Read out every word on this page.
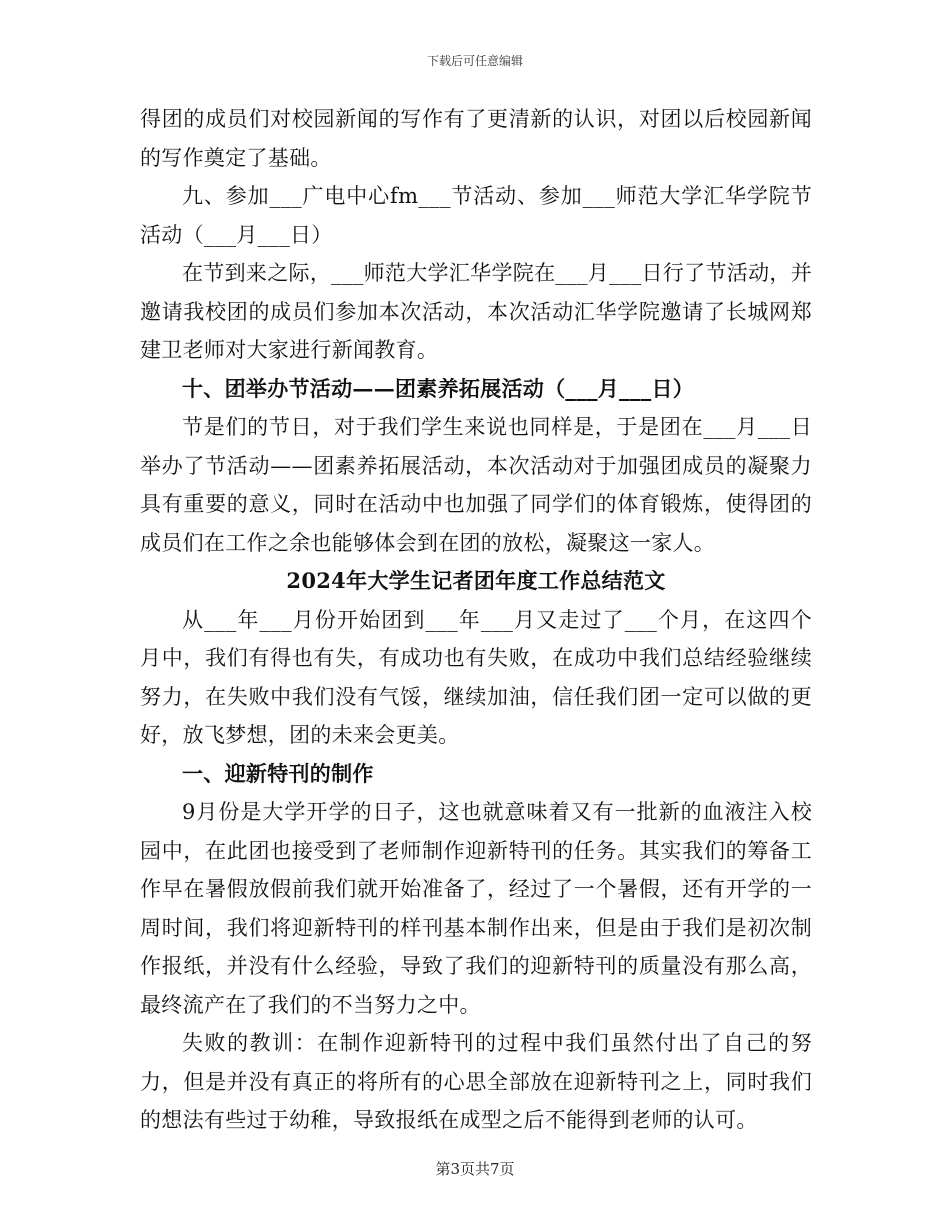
下载后可任意编辑

得团的成员们对校园新闻的写作有了更清新的认识，对团以后校园新闻的写作奠定了基础。

九、参加___广电中心fm___节活动、参加___师范大学汇华学院节活动（___月___日）

在节到来之际，___师范大学汇华学院在___月___日行了节活动，并邀请我校团的成员们参加本次活动，本次活动汇华学院邀请了长城网郑建卫老师对大家进行新闻教育。

十、团举办节活动——团素养拓展活动（___月___日）

节是们的节日，对于我们学生来说也同样是，于是团在___月___日举办了节活动——团素养拓展活动，本次活动对于加强团成员的凝聚力具有重要的意义，同时在活动中也加强了同学们的体育锻炼，使得团的成员们在工作之余也能够体会到在团的放松，凝聚这一家人。

2024年大学生记者团年度工作总结范文

从___年___月份开始团到___年___月又走过了___个月，在这四个月中，我们有得也有失，有成功也有失败，在成功中我们总结经验继续努力，在失败中我们没有气馁，继续加油，信任我们团一定可以做的更好，放飞梦想，团的未来会更美。

一、迎新特刊的制作

9月份是大学开学的日子，这也就意味着又有一批新的血液注入校园中，在此团也接受到了老师制作迎新特刊的任务。其实我们的筹备工作早在暑假放假前我们就开始准备了，经过了一个暑假，还有开学的一周时间，我们将迎新特刊的样刊基本制作出来，但是由于我们是初次制作报纸，并没有什么经验，导致了我们的迎新特刊的质量没有那么高，最终流产在了我们的不当努力之中。

失败的教训：在制作迎新特刊的过程中我们虽然付出了自己的努力，但是并没有真正的将所有的心思全部放在迎新特刊之上，同时我们的想法有些过于幼稚，导致报纸在成型之后不能得到老师的认可。

第3页共7页
